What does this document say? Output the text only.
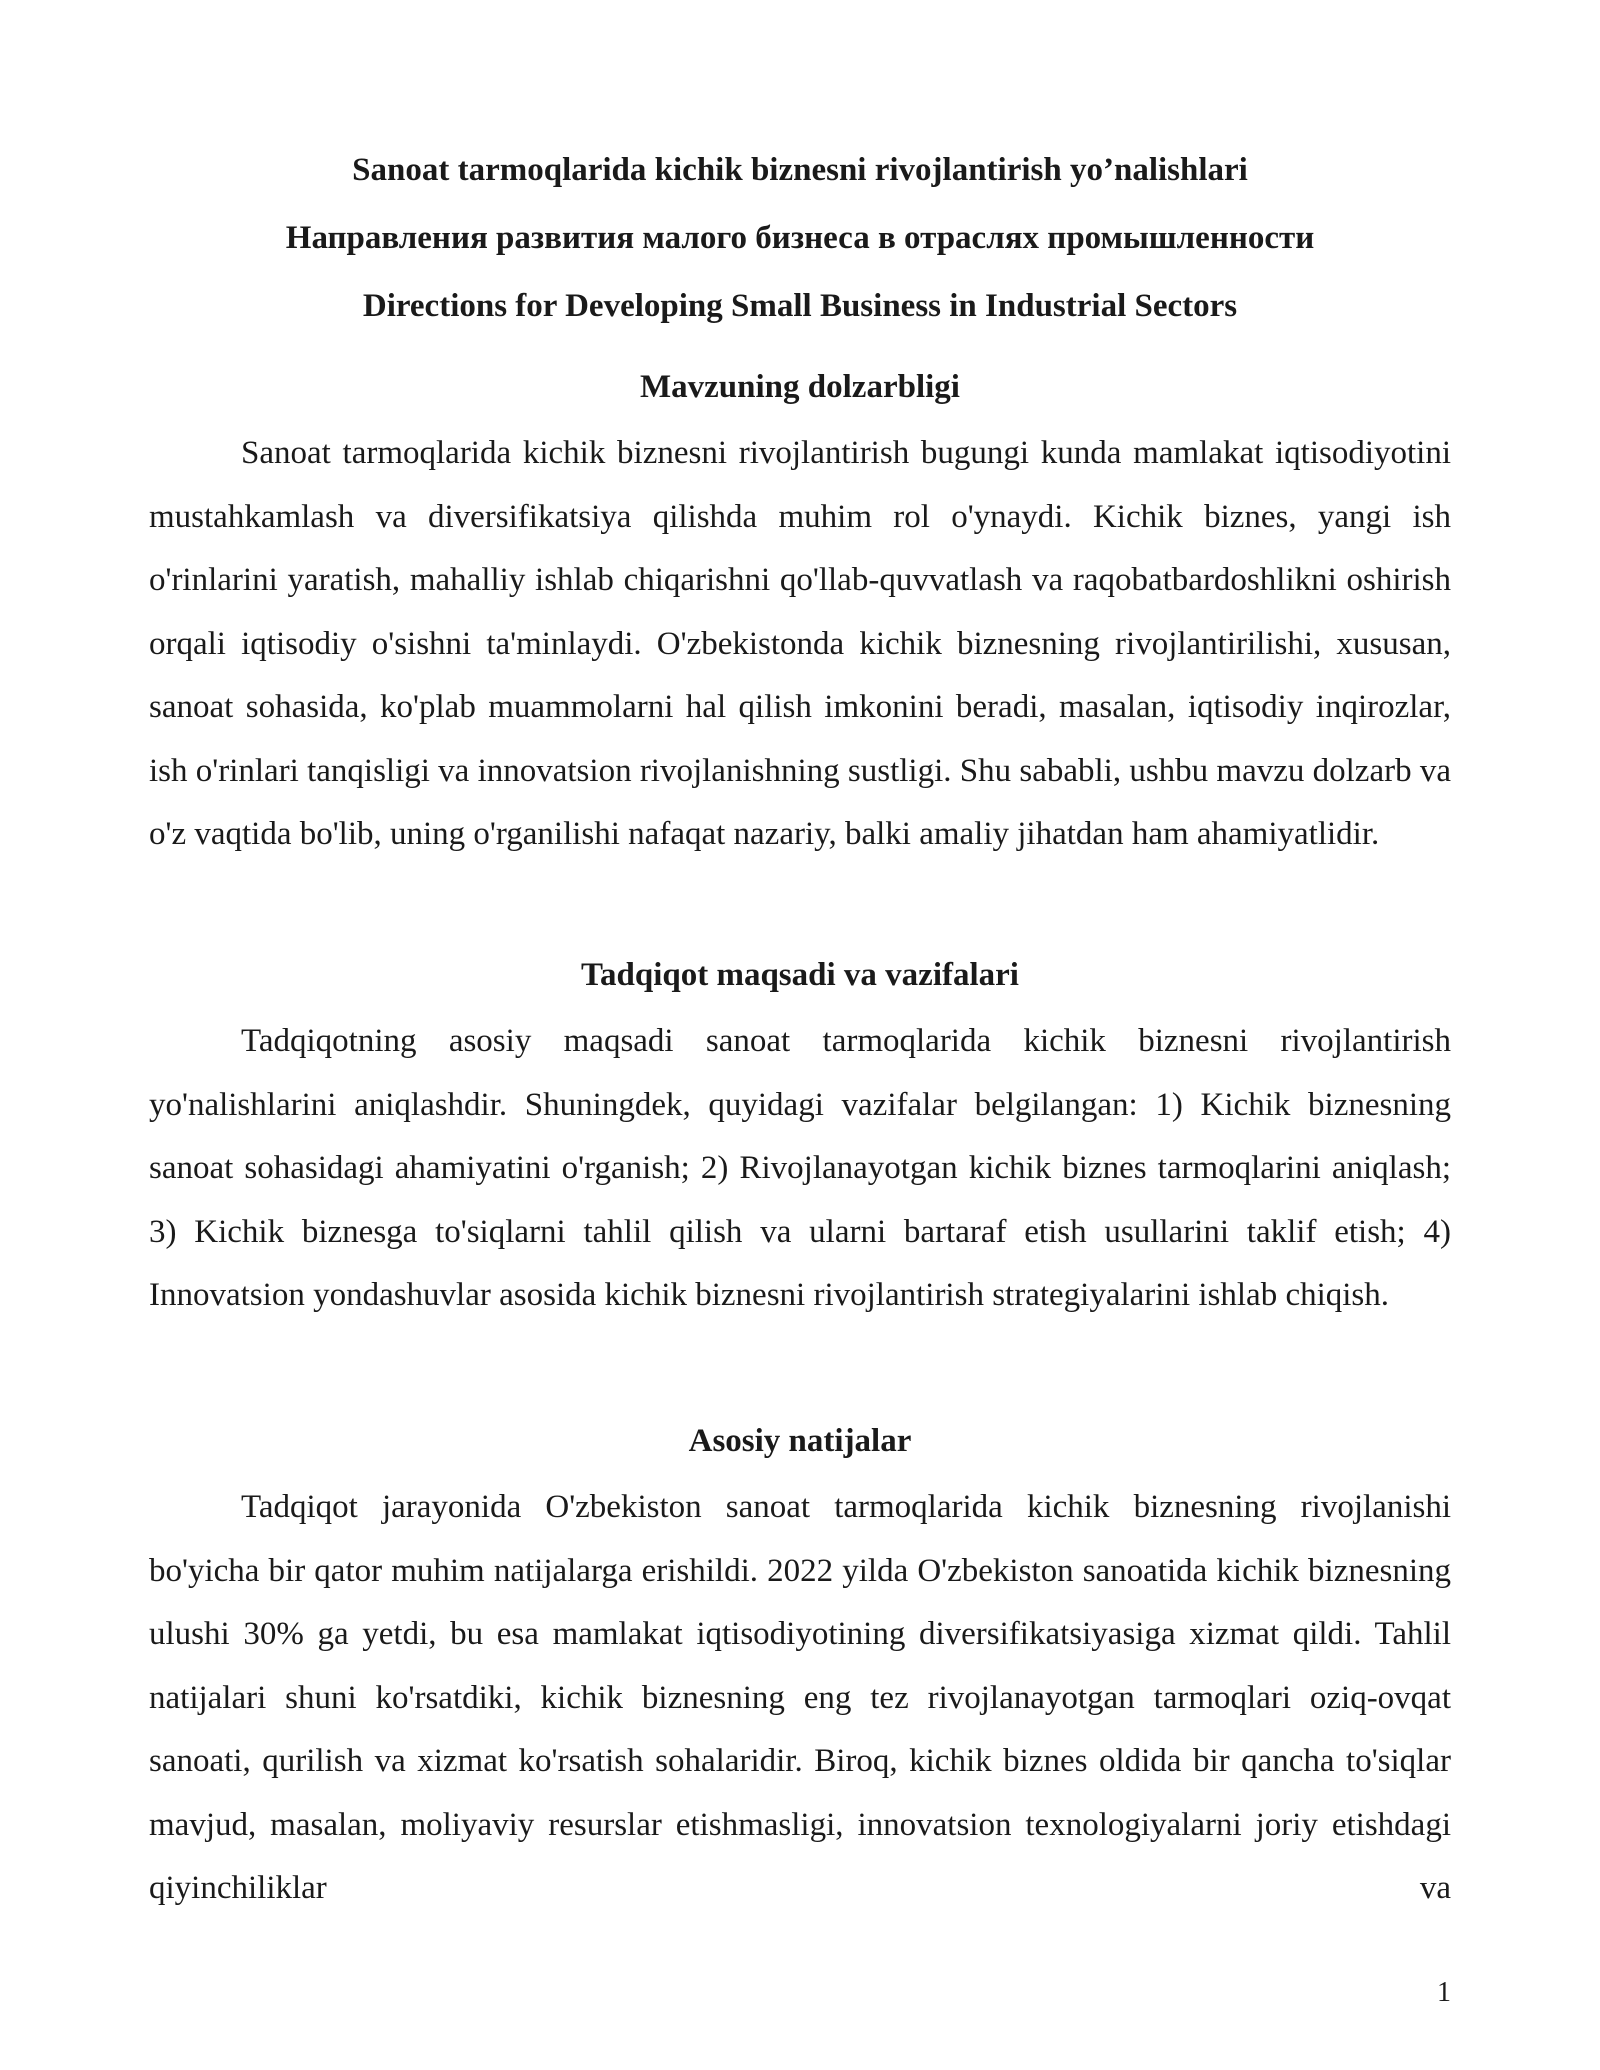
Sanoat tarmoqlarida kichik biznesni rivojlantirish yo’nalishlari

Направления развития малого бизнеса в отраслях промышленности

Directions for Developing Small Business in Industrial Sectors

Mavzuning dolzarbligi

Sanoat tarmoqlarida kichik biznesni rivojlantirish bugungi kunda mamlakat iqtisodiyotini mustahkamlash va diversifikatsiya qilishda muhim rol o'ynaydi. Kichik biznes, yangi ish o'rinlarini yaratish, mahalliy ishlab chiqarishni qo'llab-quvvatlash va raqobatbardoshlikni oshirish orqali iqtisodiy o'sishni ta'minlaydi. O'zbekistonda kichik biznesning rivojlantirilishi, xususan, sanoat sohasida, ko'plab muammolarni hal qilish imkonini beradi, masalan, iqtisodiy inqirozlar, ish o'rinlari tanqisligi va innovatsion rivojlanishning sustligi. Shu sababli, ushbu mavzu dolzarb va o'z vaqtida bo'lib, uning o'rganilishi nafaqat nazariy, balki amaliy jihatdan ham ahamiyatlidir.

Tadqiqot maqsadi va vazifalari

Tadqiqotning asosiy maqsadi sanoat tarmoqlarida kichik biznesni rivojlantirish yo'nalishlarini aniqlashdir. Shuningdek, quyidagi vazifalar belgilangan: 1) Kichik biznesning sanoat sohasidagi ahamiyatini o'rganish; 2) Rivojlanayotgan kichik biznes tarmoqlarini aniqlash; 3) Kichik biznesga to'siqlarni tahlil qilish va ularni bartaraf etish usullarini taklif etish; 4) Innovatsion yondashuvlar asosida kichik biznesni rivojlantirish strategiyalarini ishlab chiqish.

Asosiy natijalar

Tadqiqot jarayonida O'zbekiston sanoat tarmoqlarida kichik biznesning rivojlanishi bo'yicha bir qator muhim natijalarga erishildi. 2022 yilda O'zbekiston sanoatida kichik biznesning ulushi 30% ga yetdi, bu esa mamlakat iqtisodiyotining diversifikatsiyasiga xizmat qildi. Tahlil natijalari shuni ko'rsatdiki, kichik biznesning eng tez rivojlanayotgan tarmoqlari oziq-ovqat sanoati, qurilish va xizmat ko'rsatish sohalaridir. Biroq, kichik biznes oldida bir qancha to'siqlar mavjud, masalan, moliyaviy resurslar etishmasligi, innovatsion texnologiyalarni joriy etishdagi qiyinchiliklar va

1
